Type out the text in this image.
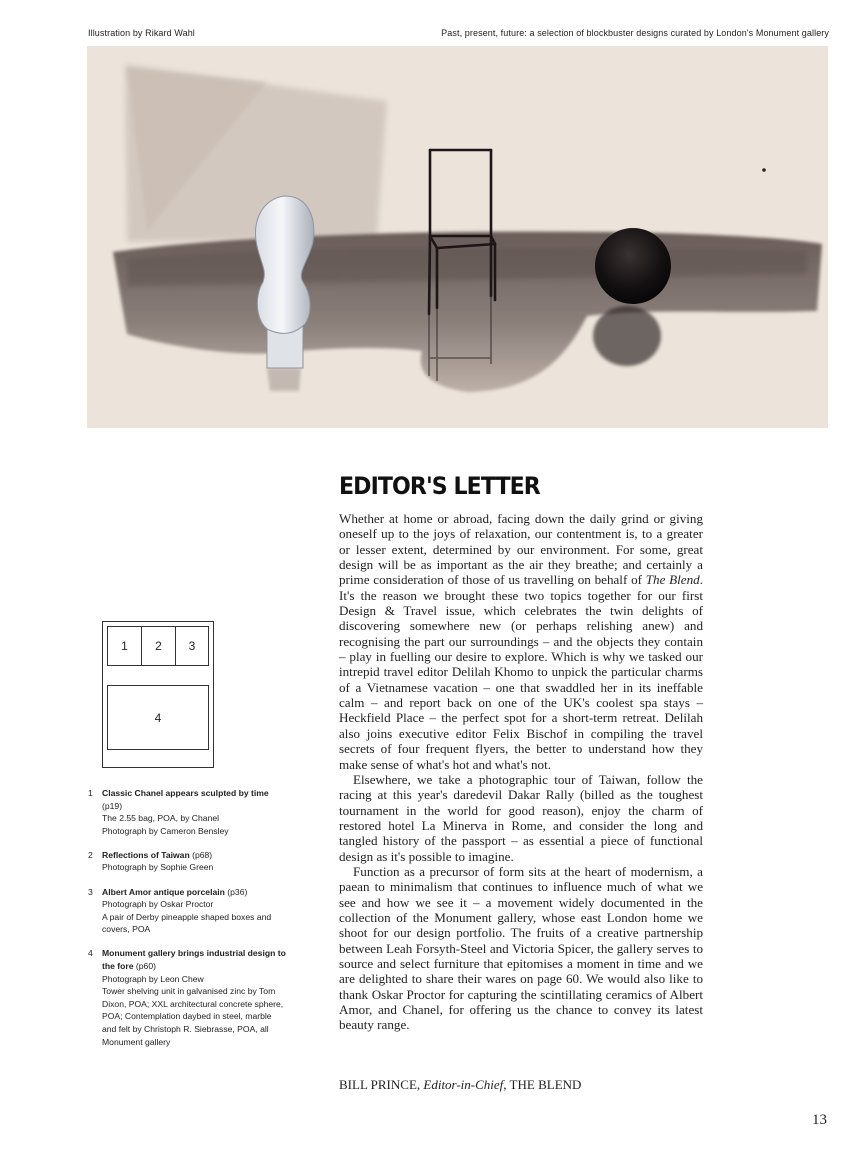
Illustration by Rikard Wahl	Past, present, future: a selection of blockbuster designs curated by London's Monument gallery
EDITOR'S LETTER

Whether at home or abroad, facing down the daily grind or giving oneself up to the joys of relaxation, our contentment is, to a greater or lesser extent, determined by our environment. For some, great design will be as important as the air they breathe; and certainly a prime consideration of those of us travelling on behalf of The Blend. It's the reason we brought these two topics together for our first Design & Travel issue, which celebrates the twin delights of discovering somewhere new (or perhaps relishing anew) and recognising the part our surroundings – and the objects they contain – play in fuelling our desire to explore. Which is why we tasked our intrepid travel editor Delilah Khomo to unpick the particular charms of a Vietnamese vacation – one that swaddled her in its ineffable calm – and report back on one of the UK's coolest spa stays – Heckfield Place – the perfect spot for a short-term retreat. Delilah also joins executive editor Felix Bischof in compiling the travel secrets of four frequent flyers, the better to understand how they make sense of what's hot and what's not.

Elsewhere, we take a photographic tour of Taiwan, follow the racing at this year's daredevil Dakar Rally (billed as the toughest tournament in the world for good reason), enjoy the charm of restored hotel La Minerva in Rome, and consider the long and tangled history of the passport – as essential a piece of functional design as it's possible to imagine.

Function as a precursor of form sits at the heart of modernism, a paean to minimalism that continues to influence much of what we see and how we see it – a movement widely documented in the collection of the Monument gallery, whose east London home we shoot for our design portfolio. The fruits of a creative partnership between Leah Forsyth-Steel and Victoria Spicer, the gallery serves to source and select furniture that epitomises a moment in time and we are delighted to share their wares on page 60. We would also like to thank Oskar Proctor for capturing the scintillating ceramics of Albert Amor, and Chanel, for offering us the chance to convey its latest beauty range.

BILL PRINCE, Editor-in-Chief, THE BLEND
13
1	2	3
4
1 Classic Chanel appears sculpted by time (p19)
The 2.55 bag, POA, by Chanel
Photograph by Cameron Bensley
2 Reflections of Taiwan (p68)
Photograph by Sophie Green
3 Albert Amor antique porcelain (p36)
Photograph by Oskar Proctor
A pair of Derby pineapple shaped boxes and covers, POA
4 Monument gallery brings industrial design to the fore (p60)
Photograph by Leon Chew
Tower shelving unit in galvanised zinc by Tom Dixon, POA; XXL architectural concrete sphere, POA; Contemplation daybed in steel, marble and felt by Christoph R. Siebrasse, POA, all Monument gallery
